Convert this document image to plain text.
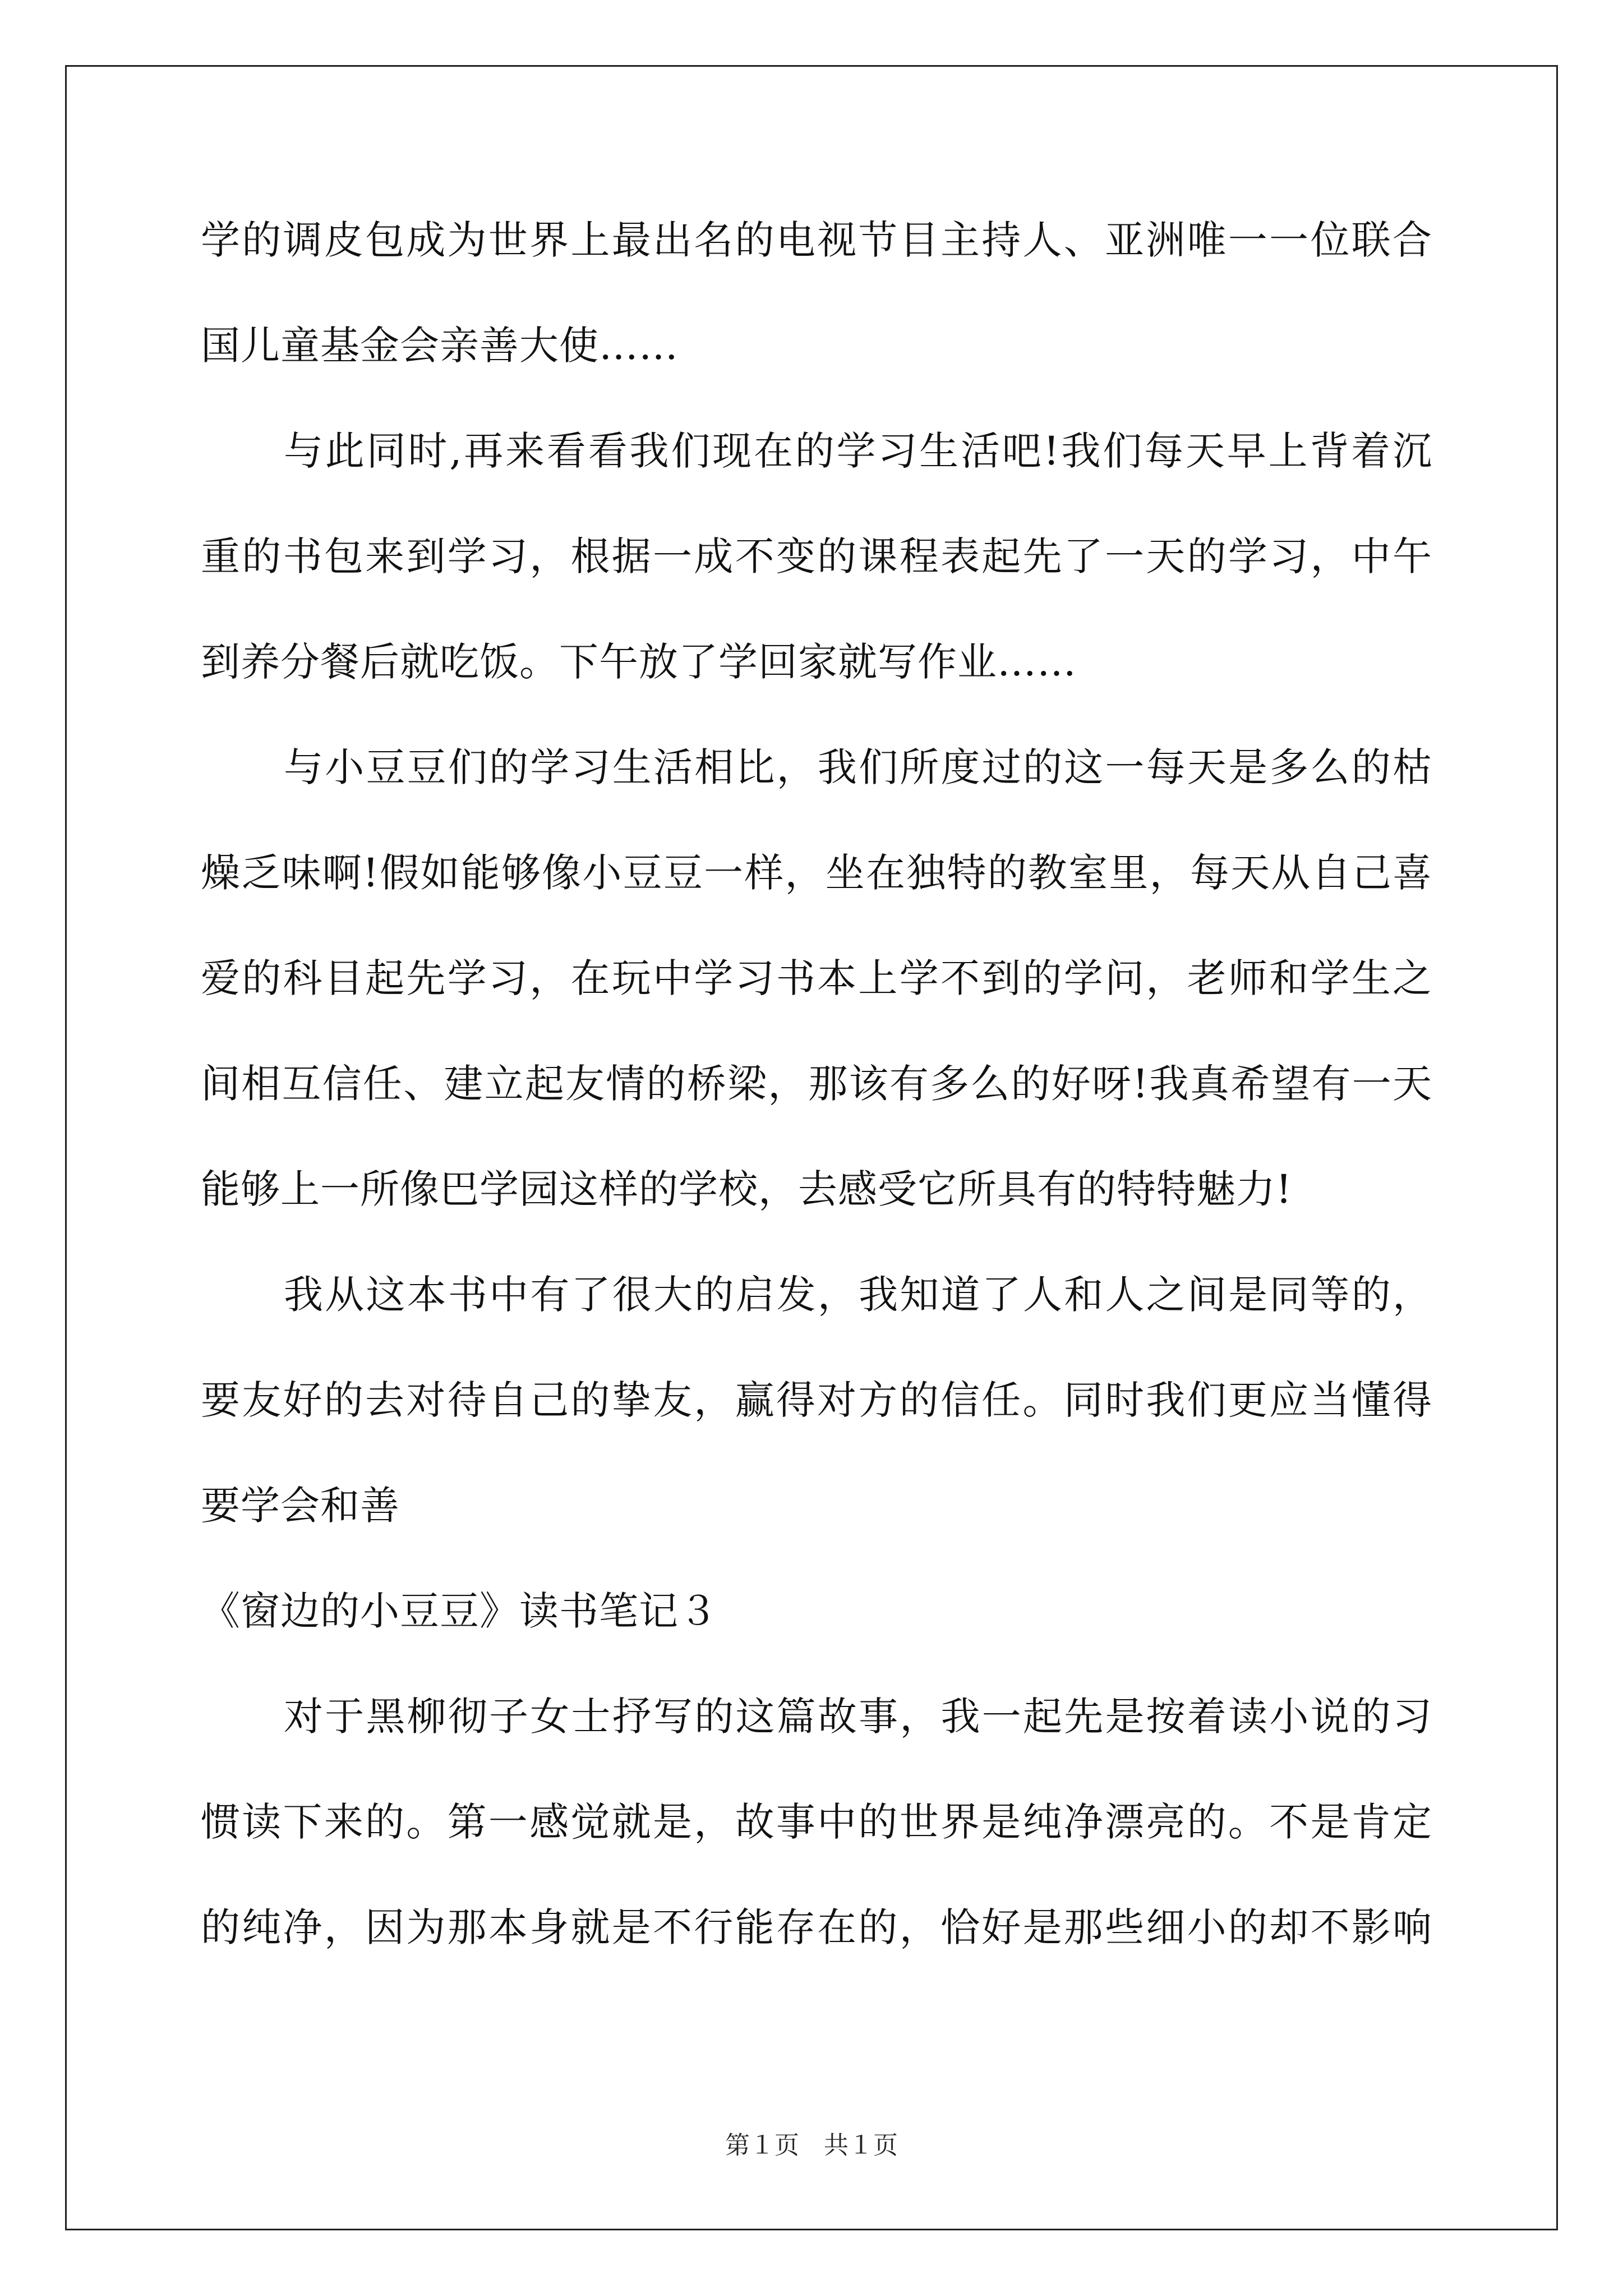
学的调皮包成为世界上最出名的电视节目主持人、亚洲唯一一位联合
国儿童基金会亲善大使……
与此同时,再来看看我们现在的学习生活吧!我们每天早上背着沉
重的书包来到学习，根据一成不变的课程表起先了一天的学习，中午
到养分餐后就吃饭。下午放了学回家就写作业……
与小豆豆们的学习生活相比，我们所度过的这一每天是多么的枯
燥乏味啊!假如能够像小豆豆一样，坐在独特的教室里，每天从自己喜
爱的科目起先学习，在玩中学习书本上学不到的学问，老师和学生之
间相互信任、建立起友情的桥梁，那该有多么的好呀!我真希望有一天
能够上一所像巴学园这样的学校，去感受它所具有的特特魅力!
我从这本书中有了很大的启发，我知道了人和人之间是同等的，
要友好的去对待自己的挚友，赢得对方的信任。同时我们更应当懂得
要学会和善
《窗边的小豆豆》读书笔记３
对于黑柳彻子女士抒写的这篇故事，我一起先是按着读小说的习
惯读下来的。第一感觉就是，故事中的世界是纯净漂亮的。不是肯定
的纯净，因为那本身就是不行能存在的，恰好是那些细小的却不影响
第１页　共１页
